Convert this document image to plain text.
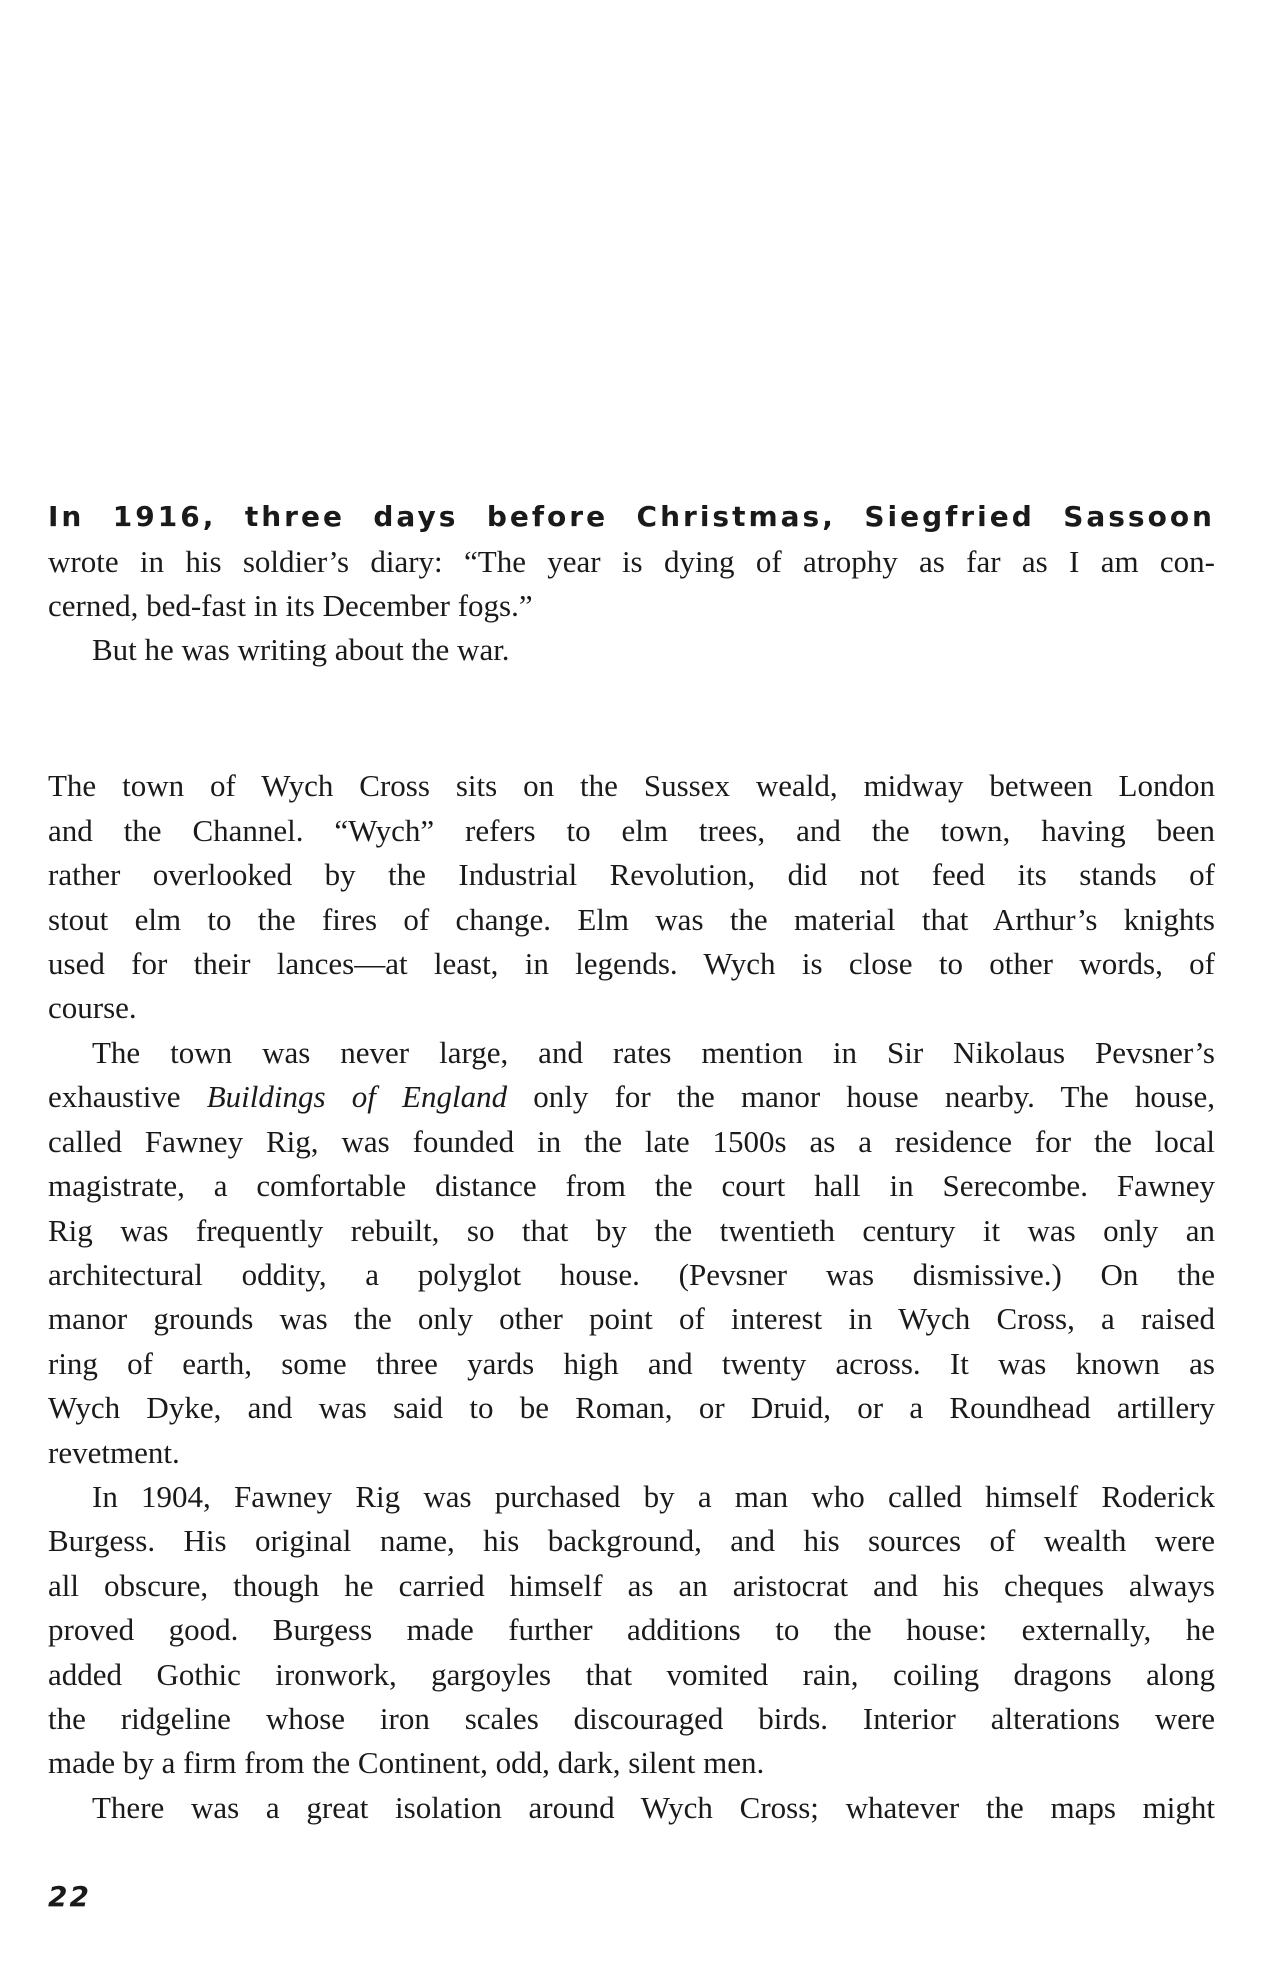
In 1916, three days before Christmas, Siegfried Sassoon
wrote in his soldier’s diary: “The year is dying of atrophy as far as I am con-
cerned, bed-fast in its December fogs.”
But he was writing about the war.
The town of Wych Cross sits on the Sussex weald, midway between London
and the Channel. “Wych” refers to elm trees, and the town, having been
rather overlooked by the Industrial Revolution, did not feed its stands of
stout elm to the fires of change. Elm was the material that Arthur’s knights
used for their lances—at least, in legends. Wych is close to other words, of
course.
The town was never large, and rates mention in Sir Nikolaus Pevsner’s
exhaustive Buildings of England only for the manor house nearby. The house,
called Fawney Rig, was founded in the late 1500s as a residence for the local
magistrate, a comfortable distance from the court hall in Serecombe. Fawney
Rig was frequently rebuilt, so that by the twentieth century it was only an
architectural oddity, a polyglot house. (Pevsner was dismissive.) On the
manor grounds was the only other point of interest in Wych Cross, a raised
ring of earth, some three yards high and twenty across. It was known as
Wych Dyke, and was said to be Roman, or Druid, or a Roundhead artillery
revetment.
In 1904, Fawney Rig was purchased by a man who called himself Roderick
Burgess. His original name, his background, and his sources of wealth were
all obscure, though he carried himself as an aristocrat and his cheques always
proved good. Burgess made further additions to the house: externally, he
added Gothic ironwork, gargoyles that vomited rain, coiling dragons along
the ridgeline whose iron scales discouraged birds. Interior alterations were
made by a firm from the Continent, odd, dark, silent men.
There was a great isolation around Wych Cross; whatever the maps might
22
